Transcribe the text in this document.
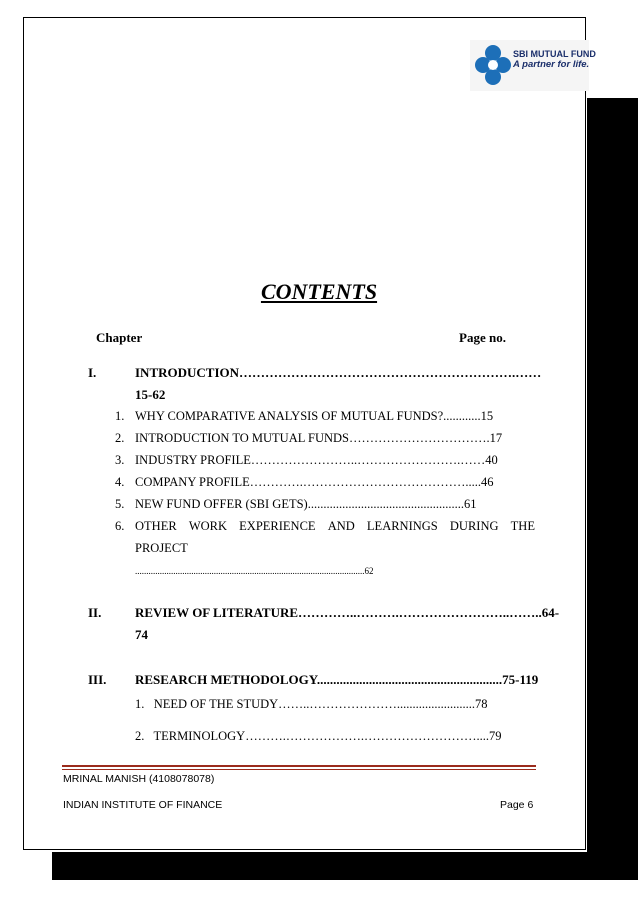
SBI MUTUAL FUND
A partner for life.
CONTENTS
Chapter	Page no.
I.	INTRODUCTION……………………………………………………….……
15-62
1. WHY COMPARATIVE ANALYSIS OF MUTUAL FUNDS?............15
2. INTRODUCTION TO MUTUAL FUNDS…………………………….17
3. INDUSTRY PROFILE……………………..…………………….……40
4. COMPANY PROFILE………….………………………………….....46
5. NEW FUND OFFER (SBI GETS)..................................................61
6. OTHER WORK EXPERIENCE AND LEARNINGS DURING THE
PROJECT
......................................................................................................62
II.	REVIEW OF LITERATURE…………..……….……………………..……..64-
74
III. RESEARCH METHODOLOGY.........................................................75-119
1. NEED OF THE STUDY……..………………….........................78
2. TERMINOLOGY……….……………….………………………....79
MRINAL MANISH (4108078078)
INDIAN INSTITUTE OF FINANCE	Page 6
